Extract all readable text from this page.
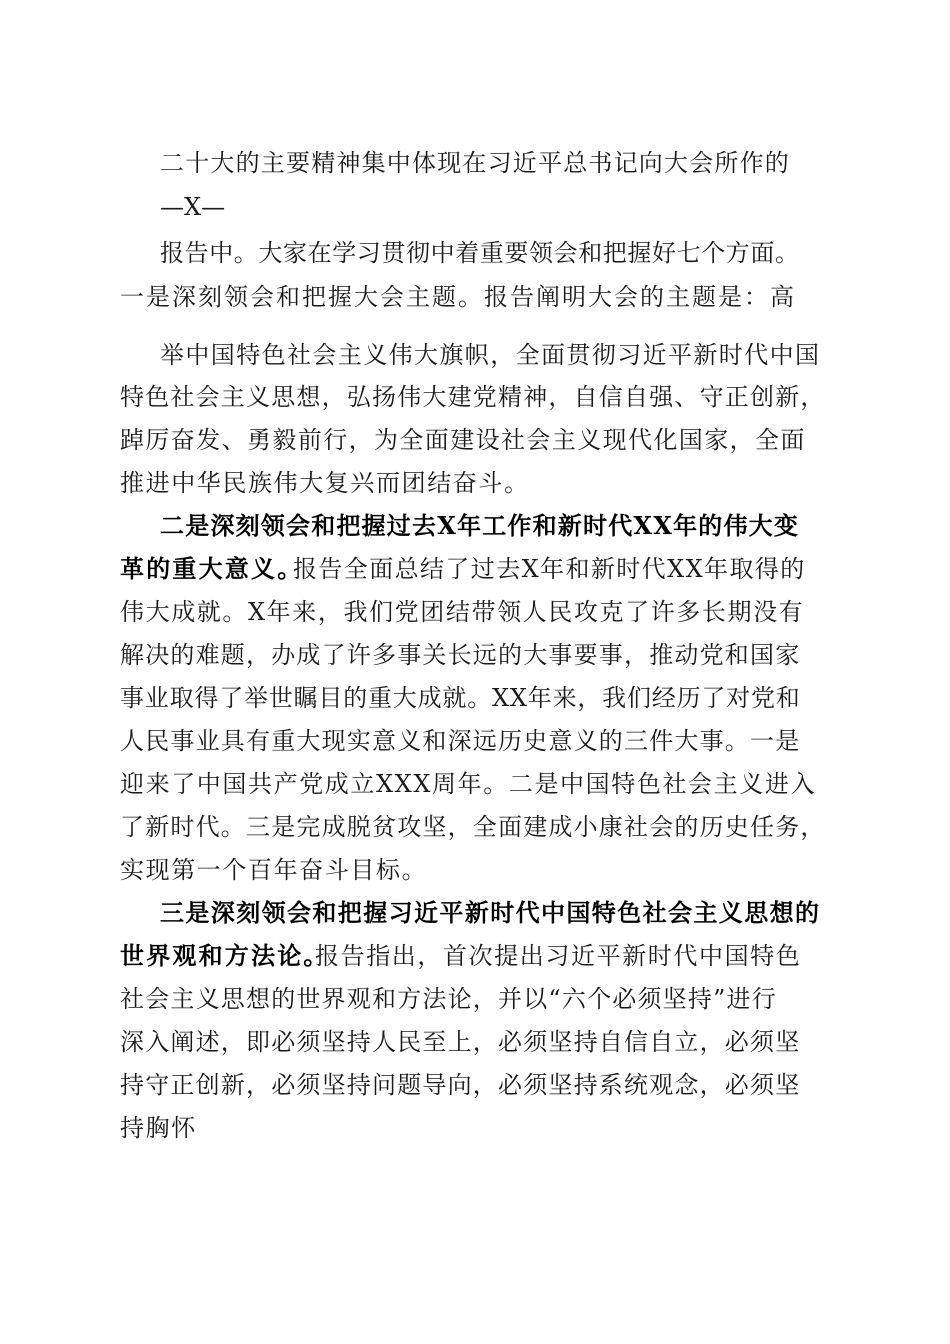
二十大的主要精神集中体现在习近平总书记向大会所作的
—X—
报告中。大家在学习贯彻中着重要领会和把握好七个方面。
一是深刻领会和把握大会主题。报告阐明大会的主题是：高
举中国特色社会主义伟大旗帜，全面贯彻习近平新时代中国
特色社会主义思想，弘扬伟大建党精神，自信自强、守正创新，
踔厉奋发、勇毅前行，为全面建设社会主义现代化国家，全面
推进中华民族伟大复兴而团结奋斗。
二是深刻领会和把握过去X年工作和新时代XX年的伟大变
革的重大意义。
报告全面总结了过去X年和新时代XX年取得的
伟大成就。X年来，我们党团结带领人民攻克了许多长期没有
解决的难题，办成了许多事关长远的大事要事，推动党和国家
事业取得了举世瞩目的重大成就。XX年来，我们经历了对党和
人民事业具有重大现实意义和深远历史意义的三件大事。一是
迎来了中国共产党成立XXX周年。二是中国特色社会主义进入
了新时代。三是完成脱贫攻坚，全面建成小康社会的历史任务，
实现第一个百年奋斗目标。
三是深刻领会和把握习近平新时代中国特色社会主义思想的
世界观和方法论。
报告指出，首次提出习近平新时代中国特色
社会主义思想的世界观和方法论，并以“六个必须坚持”进行
深入阐述，即必须坚持人民至上，必须坚持自信自立，必须坚
持守正创新，必须坚持问题导向，必须坚持系统观念，必须坚
持胸怀
